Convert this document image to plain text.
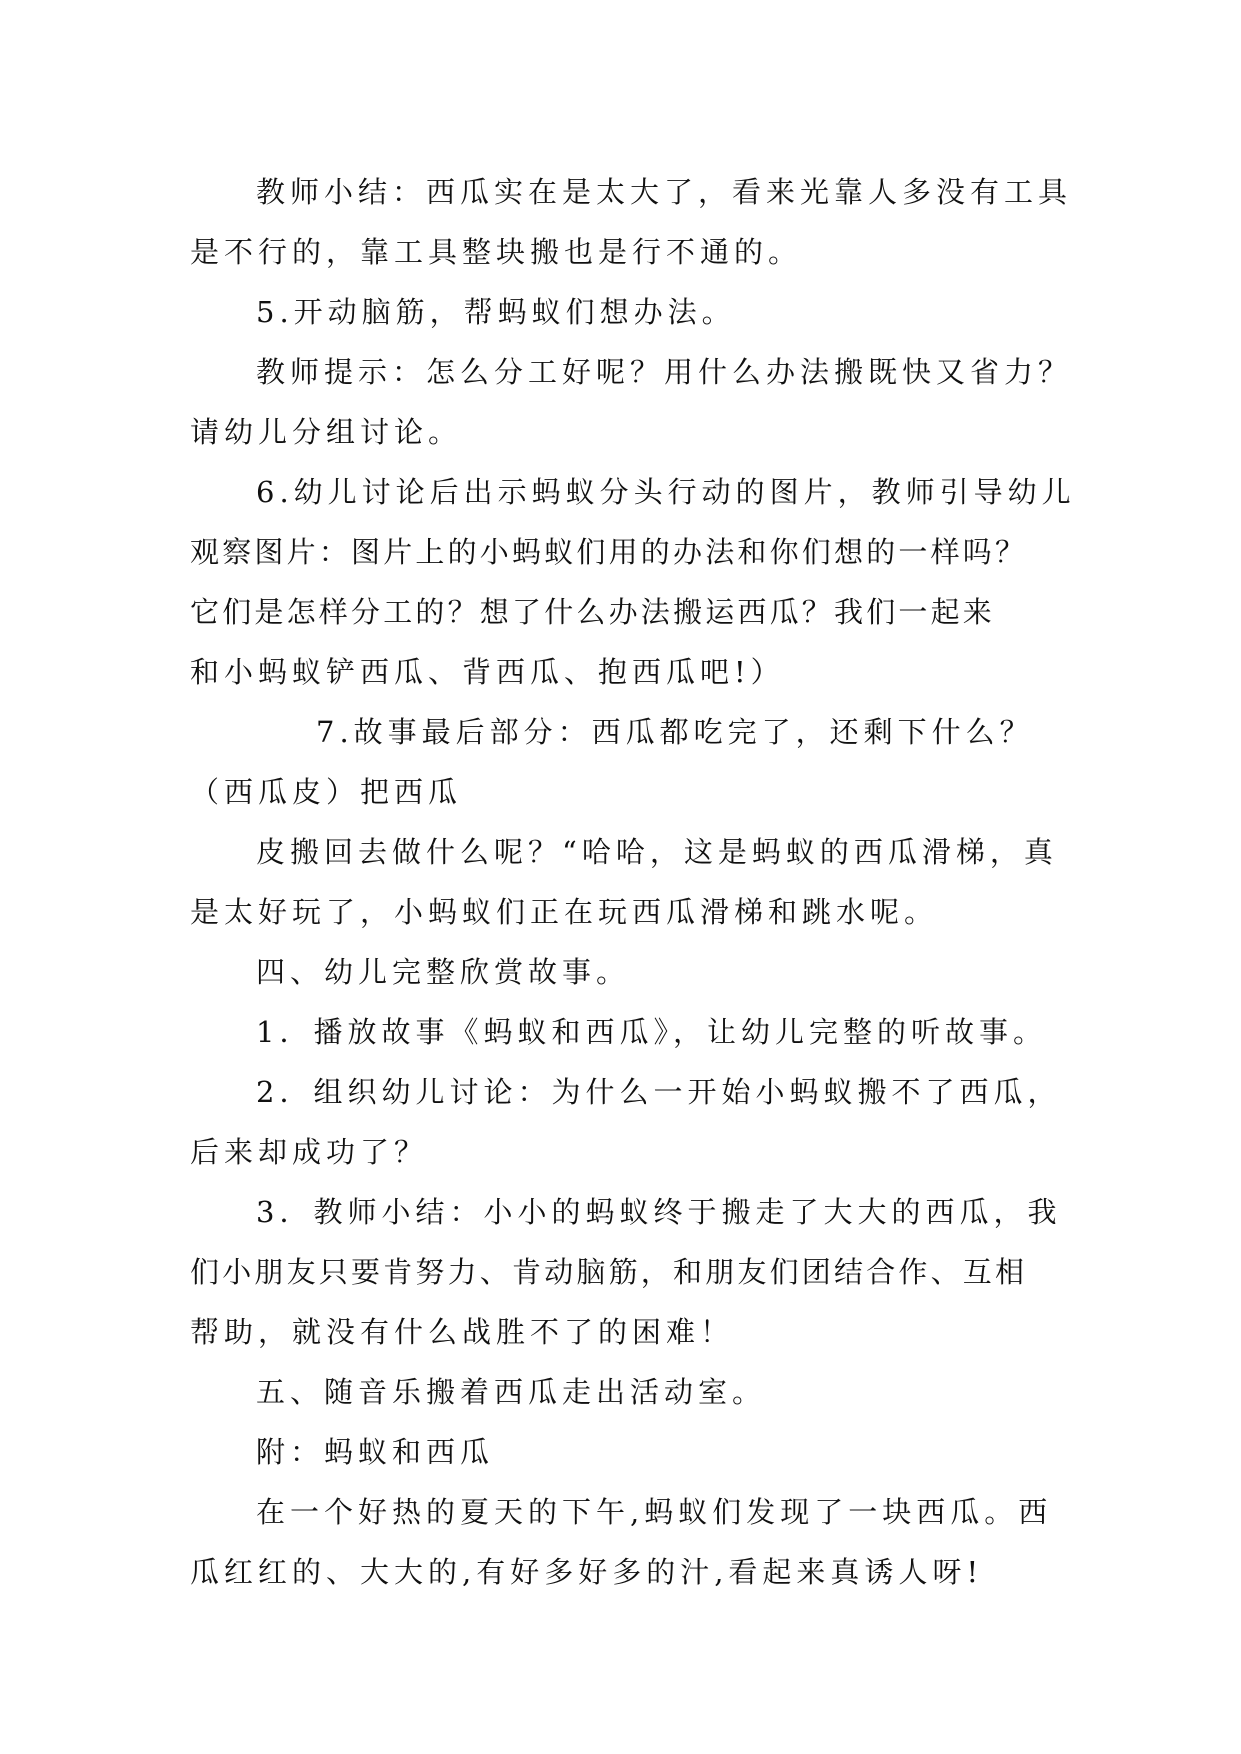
教师小结：西瓜实在是太大了，看来光靠人多没有工具
是不行的，靠工具整块搬也是行不通的。
5.开动脑筋，帮蚂蚁们想办法。
教师提示：怎么分工好呢？用什么办法搬既快又省力？
请幼儿分组讨论。
6.幼儿讨论后出示蚂蚁分头行动的图片，教师引导幼儿
观察图片：图片上的小蚂蚁们用的办法和你们想的一样吗？
它们是怎样分工的？想了什么办法搬运西瓜？我们一起来
和小蚂蚁铲西瓜、背西瓜、抱西瓜吧!）
7.故事最后部分：西瓜都吃完了，还剩下什么？
（西瓜皮）把西瓜
皮搬回去做什么呢？“哈哈，这是蚂蚁的西瓜滑梯，真
是太好玩了，小蚂蚁们正在玩西瓜滑梯和跳水呢。
四、幼儿完整欣赏故事。
1．播放故事《蚂蚁和西瓜》，让幼儿完整的听故事。
2．组织幼儿讨论：为什么一开始小蚂蚁搬不了西瓜，
后来却成功了？
3．教师小结：小小的蚂蚁终于搬走了大大的西瓜，我
们小朋友只要肯努力、肯动脑筋，和朋友们团结合作、互相
帮助，就没有什么战胜不了的困难！
五、随音乐搬着西瓜走出活动室。
附：蚂蚁和西瓜
在一个好热的夏天的下午,蚂蚁们发现了一块西瓜。西
瓜红红的、大大的,有好多好多的汁,看起来真诱人呀!
